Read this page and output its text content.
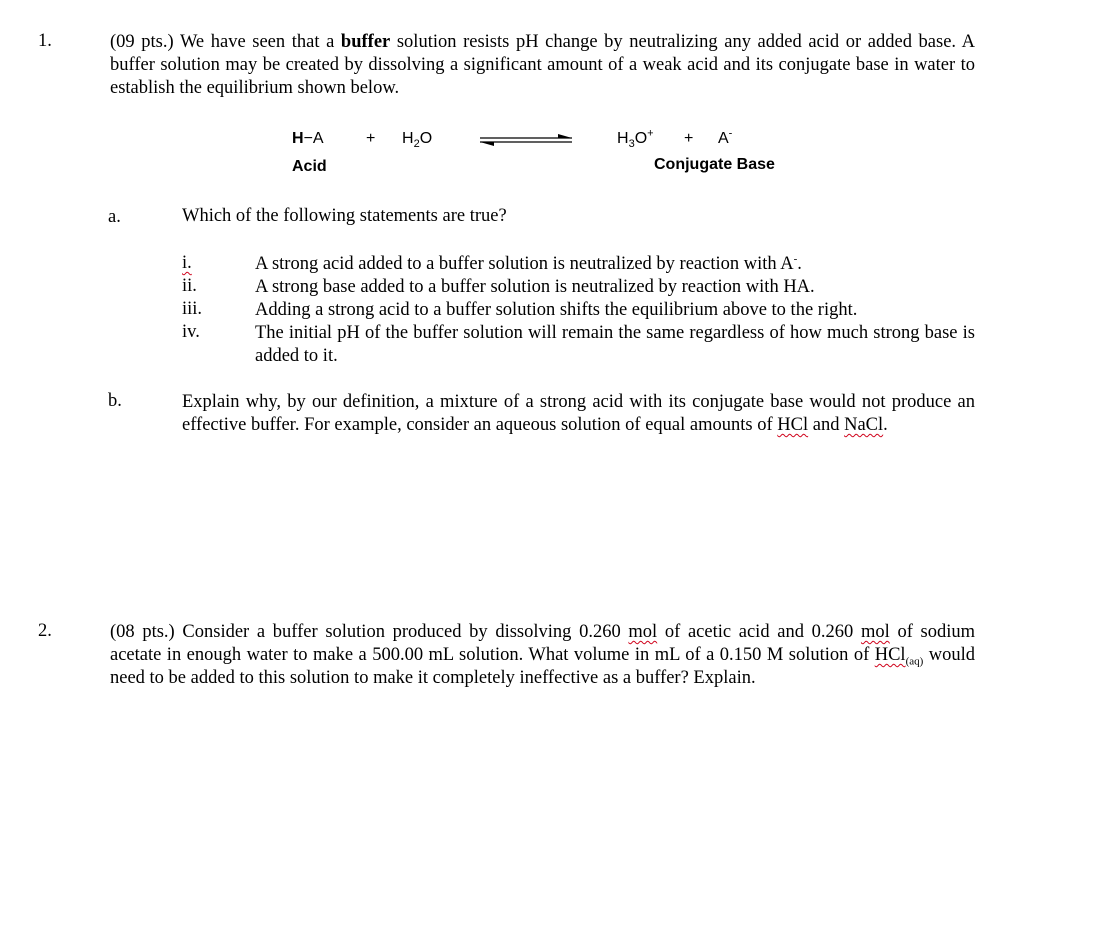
1.	(09 pts.) We have seen that a buffer solution resists pH change by neutralizing any added acid or added base. A buffer solution may be created by dissolving a significant amount of a weak acid and its conjugate base in water to establish the equilibrium shown below.
H−A	+ $H_2O$	$H_3O^+ + A^-$
Acid	Conjugate Base
a.	Which of the following statements are true?
i.	A strong acid added to a buffer solution is neutralized by reaction with A-.
ii.	A strong base added to a buffer solution is neutralized by reaction with HA.
iii.	Adding a strong acid to a buffer solution shifts the equilibrium above to the right.
iv.	The initial pH of the buffer solution will remain the same regardless of how much strong base is added to it.
b.	Explain why, by our definition, a mixture of a strong acid with its conjugate base would not produce an effective buffer. For example, consider an aqueous solution of equal amounts of HCl and NaCl.
2.	(08 pts.) Consider a buffer solution produced by dissolving 0.260 mol of acetic acid and 0.260 mol of sodium acetate in enough water to make a 500.00 mL solution. What volume in mL of a 0.150 M solution of HCl$_{(aq)}$ would need to be added to this solution to make it completely ineffective as a buffer? Explain.
